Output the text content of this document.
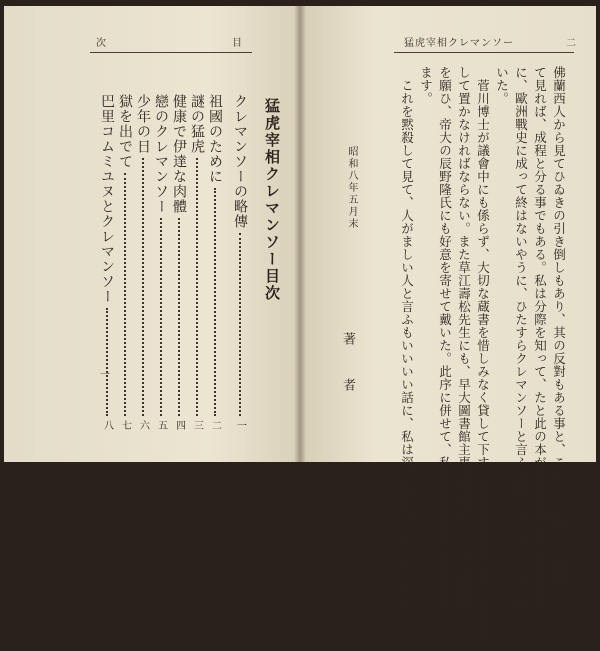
次	目
猛虎宰相クレマンソー目次
クレマンソーの略傳
一
祖國のために
二
謎の猛虎
三
健康で伊達な肉體
四
戀のクレマンソー
五
少年の日
六
獄を出でて
七
巴里コムミユヌとクレマンソー
八
一
猛虎宰相クレマンソー	二
佛蘭西人から見てひゐきの引き倒しもあり、其の反對もある事と、この三つを寄への要素にし
て見れば、成程と分る事でもある。私は分際を知って、たと此の本が政治史的に成らないやう
に、歐洲戰史に成って終はないやうに、ひたすらクレマンソーと言ふ主綱にかぢりついて、書
いた。
　菅川博士が議會中にも係らず、大切な蔵書を惜しみなく貸して下すった御芳志をも、厚く玆に記
して置かなければならない。また草江壽松先生にも、早大圖書館主事小林氏にも、多々御面倒
を願ひ、帝大の辰野隆氏にも好意を寄せて戴いた。此序に併せて、私の謝意を述べさせて戴き
ます。
　これを黙殺して見て、人がましい人と言ふもいいいい話に、私は深く恥ぢなければならなかった。
昭和八年五月末
著　者
